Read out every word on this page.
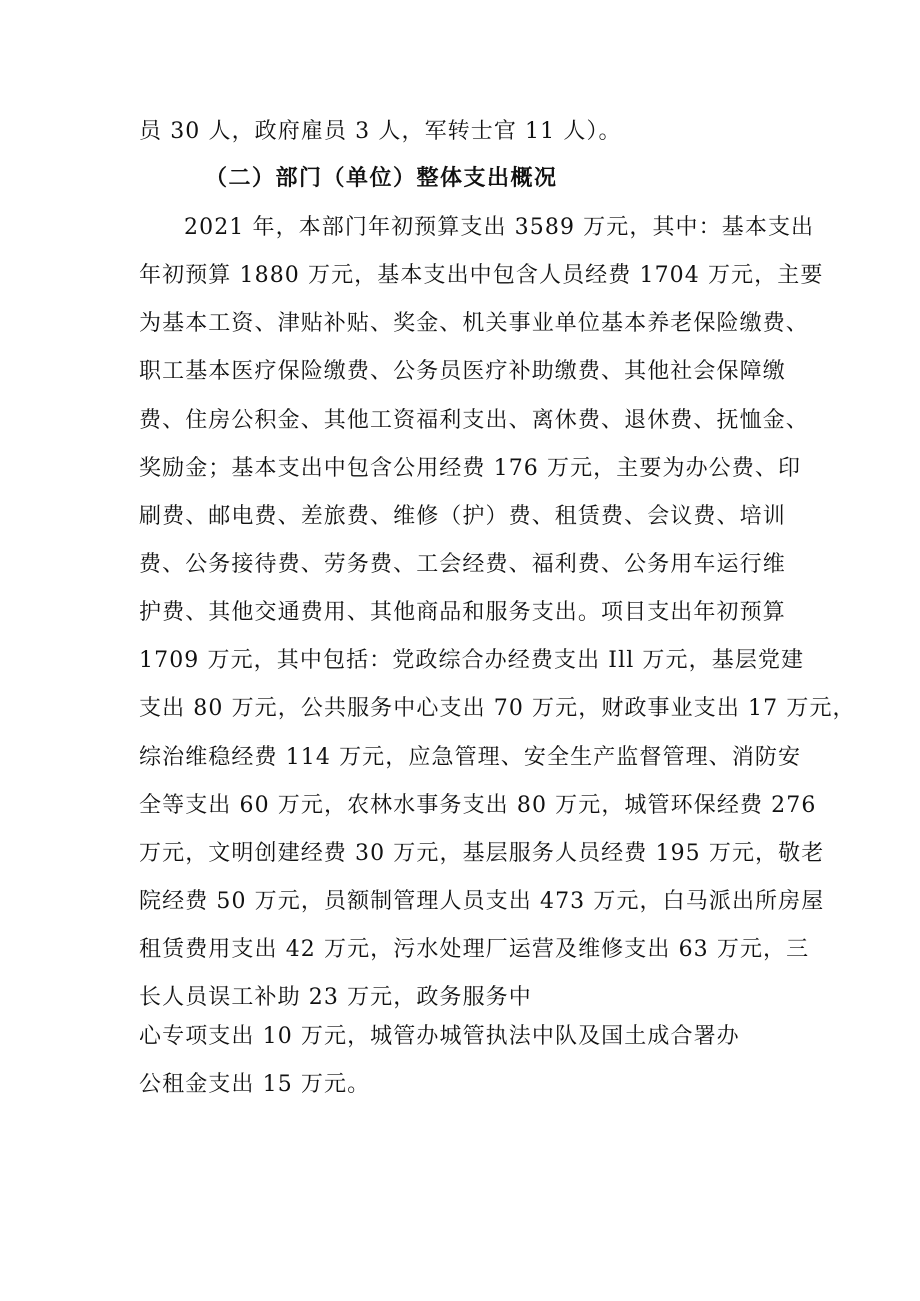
员 30 人，政府雇员 3 人，军转士官 11 人）。
（二）部门（单位）整体支出概况
2021 年，本部门年初预算支出 3589 万元，其中：基本支出
年初预算 1880 万元，基本支出中包含人员经费 1704 万元，主要
为基本工资、津贴补贴、奖金、机关事业单位基本养老保险缴费、
职工基本医疗保险缴费、公务员医疗补助缴费、其他社会保障缴
费、住房公积金、其他工资福利支出、离休费、退休费、抚恤金、
奖励金；基本支出中包含公用经费 176 万元，主要为办公费、印
刷费、邮电费、差旅费、维修（护）费、租赁费、会议费、培训
费、公务接待费、劳务费、工会经费、福利费、公务用车运行维
护费、其他交通费用、其他商品和服务支出。项目支出年初预算
1709 万元，其中包括：党政综合办经费支出 Ill 万元，基层党建
支出 80 万元，公共服务中心支出 70 万元，财政事业支出 17 万元，
综治维稳经费 114 万元，应急管理、安全生产监督管理、消防安
全等支出 60 万元，农林水事务支出 80 万元，城管环保经费 276
万元，文明创建经费 30 万元，基层服务人员经费 195 万元，敬老
院经费 50 万元，员额制管理人员支出 473 万元，白马派出所房屋
租赁费用支出 42 万元，污水处理厂运营及维修支出 63 万元，三
长人员误工补助 23 万元，政务服务中
心专项支出 10 万元，城管办城管执法中队及国土成合署办
公租金支出 15 万元。
